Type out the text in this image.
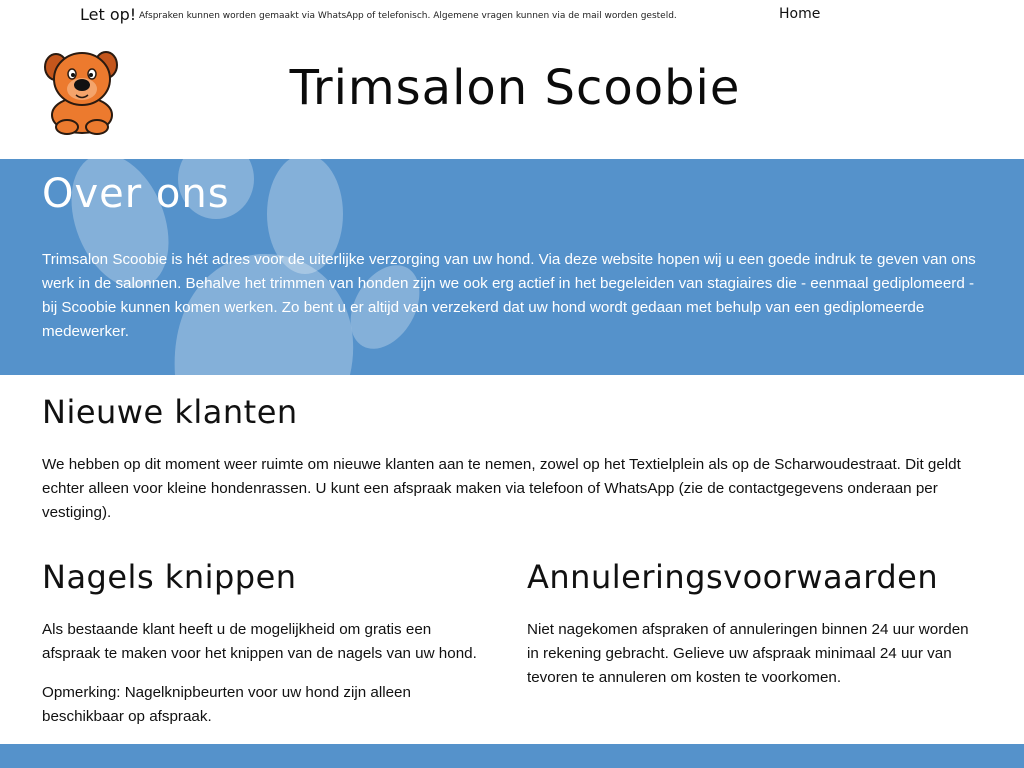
Let op! Afspraken kunnen worden gemaakt via WhatsApp of telefonisch. Algemene vragen kunnen via de mail worden gesteld.	Home
Trimsalon Scoobie
Over ons

Trimsalon Scoobie is hét adres voor de uiterlijke verzorging van uw hond. Via deze website hopen wij u een goede indruk te geven van ons werk in de salonnen. Behalve het trimmen van honden zijn we ook erg actief in het begeleiden van stagiaires die - eenmaal gediplomeerd - bij Scoobie kunnen komen werken. Zo bent u er altijd van verzekerd dat uw hond wordt gedaan met behulp van een gediplomeerde medewerker.

Nieuwe klanten

We hebben op dit moment weer ruimte om nieuwe klanten aan te nemen, zowel op het Textielplein als op de Scharwoudestraat. Dit geldt echter alleen voor kleine hondenrassen. U kunt een afspraak maken via telefoon of WhatsApp (zie de contactgegevens onderaan per vestiging).

Nagels knippen

Als bestaande klant heeft u de mogelijkheid om gratis een afspraak te maken voor het knippen van de nagels van uw hond.

Opmerking: Nagelknipbeurten voor uw hond zijn alleen beschikbaar op afspraak.

Annuleringsvoorwaarden

Niet nagekomen afspraken of annuleringen binnen 24 uur worden in rekening gebracht. Gelieve uw afspraak minimaal 24 uur van tevoren te annuleren om kosten te voorkomen.
